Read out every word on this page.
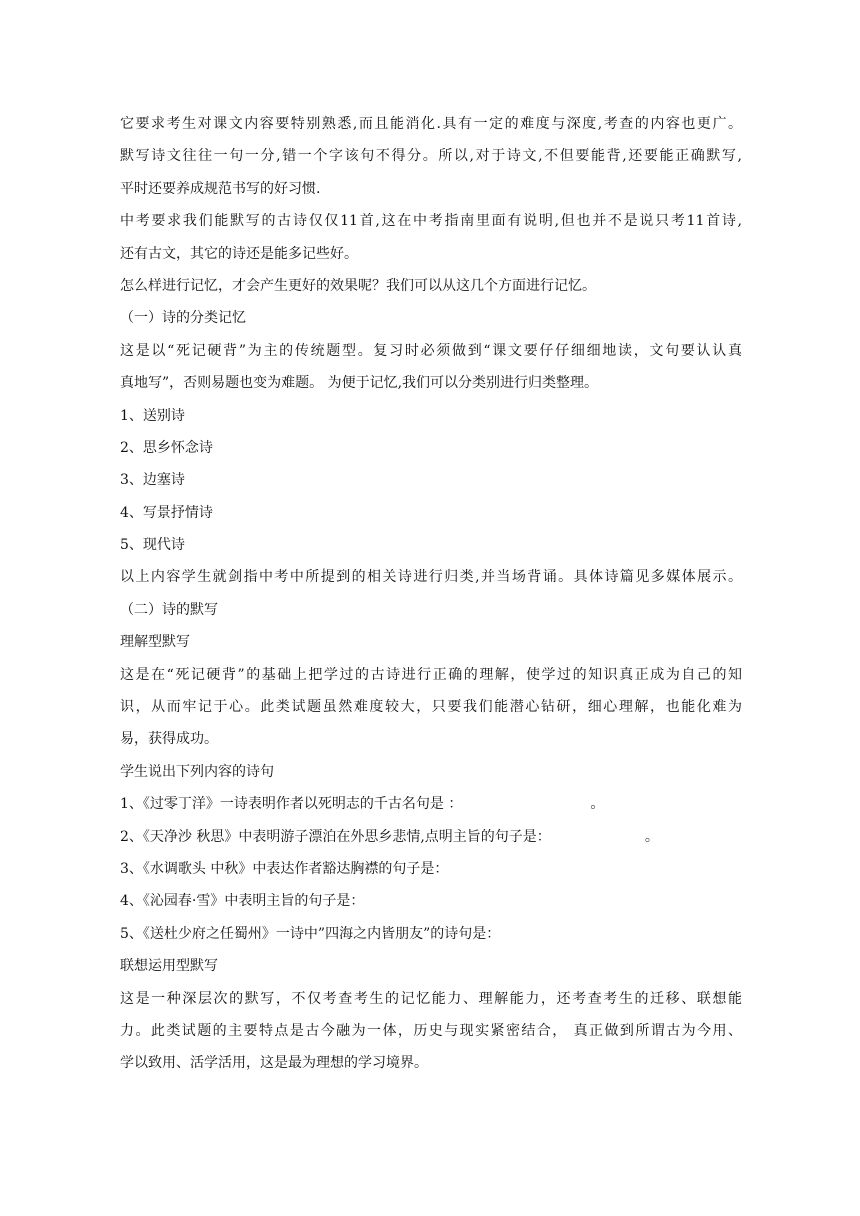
它要求考生对课文内容要特别熟悉,而且能消化.具有一定的难度与深度,考查的内容也更广。
默写诗文往往一句一分,错一个字该句不得分。所以,对于诗文,不但要能背,还要能正确默写,
平时还要养成规范书写的好习惯.
中考要求我们能默写的古诗仅仅11首,这在中考指南里面有说明,但也并不是说只考11首诗,
还有古文，其它的诗还是能多记些好。
怎么样进行记忆，才会产生更好的效果呢？我们可以从这几个方面进行记忆。
（一）诗的分类记忆
这是以“死记硬背”为主的传统题型。复习时必须做到“课文要仔仔细细地读，文句要认认真
真地写”，否则易题也变为难题。 为便于记忆,我们可以分类别进行归类整理。
1、送别诗
2、思乡怀念诗
3、边塞诗
4、写景抒情诗
5、现代诗
以上内容学生就剑指中考中所提到的相关诗进行归类,并当场背诵。具体诗篇见多媒体展示。
（二）诗的默写
理解型默写
这是在“死记硬背”的基础上把学过的古诗进行正确的理解，使学过的知识真正成为自己的知
识，从而牢记于心。此类试题虽然难度较大，只要我们能潜心钻研，细心理解，也能化难为
易，获得成功。
学生说出下列内容的诗句
1、《过零丁洋》一诗表明作者以死明志的千古名句是 ：	。
2、《天净沙 秋思》中表明游子漂泊在外思乡悲情,点明主旨的句子是：	。
3、《水调歌头 中秋》中表达作者豁达胸襟的句子是：
4、《沁园春·雪》中表明主旨的句子是：
5、《送杜少府之任蜀州》一诗中”四海之内皆朋友”的诗句是：
联想运用型默写
这是一种深层次的默写，不仅考查考生的记忆能力、理解能力，还考查考生的迁移、联想能
力。此类试题的主要特点是古今融为一体，历史与现实紧密结合， 真正做到所谓古为今用、
学以致用、活学活用，这是最为理想的学习境界。
